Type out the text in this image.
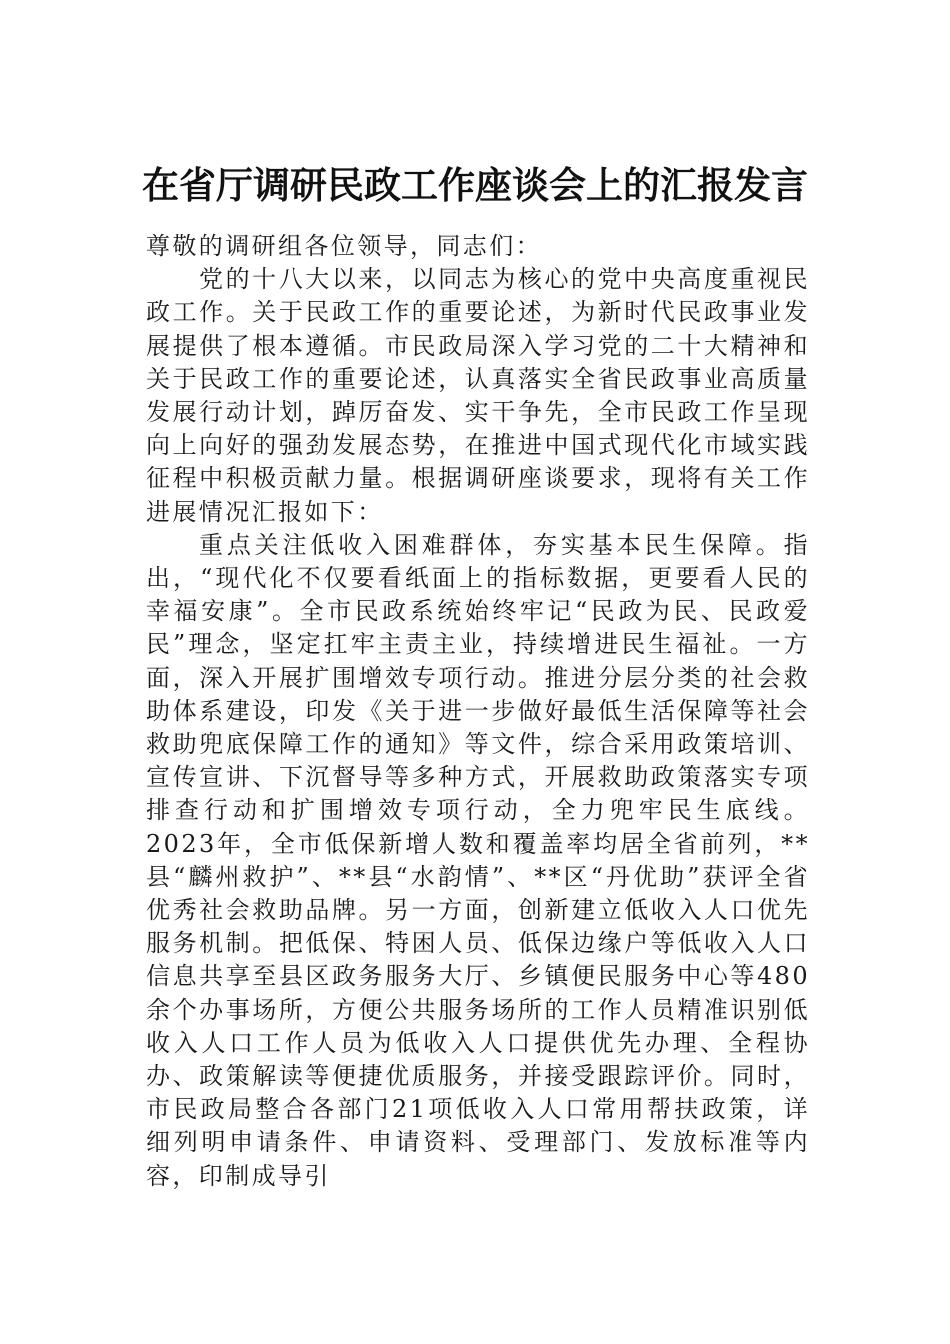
在省厅调研民政工作座谈会上的汇报发言

尊敬的调研组各位领导，同志们：

党的十八大以来，以同志为核心的党中央高度重视民政工作。关于民政工作的重要论述，为新时代民政事业发展提供了根本遵循。市民政局深入学习党的二十大精神和关于民政工作的重要论述，认真落实全省民政事业高质量发展行动计划，踔厉奋发、实干争先，全市民政工作呈现向上向好的强劲发展态势，在推进中国式现代化市域实践征程中积极贡献力量。根据调研座谈要求，现将有关工作进展情况汇报如下：

重点关注低收入困难群体，夯实基本民生保障。指出，“现代化不仅要看纸面上的指标数据，更要看人民的幸福安康”。全市民政系统始终牢记“民政为民、民政爱民”理念，坚定扛牢主责主业，持续增进民生福祉。一方面，深入开展扩围增效专项行动。推进分层分类的社会救助体系建设，印发《关于进一步做好最低生活保障等社会救助兜底保障工作的通知》等文件，综合采用政策培训、宣传宣讲、下沉督导等多种方式，开展救助政策落实专项排查行动和扩围增效专项行动，全力兜牢民生底线。2023年，全市低保新增人数和覆盖率均居全省前列，**县“麟州救护”、**县“水韵情”、**区“丹优助”获评全省优秀社会救助品牌。另一方面，创新建立低收入人口优先服务机制。把低保、特困人员、低保边缘户等低收入人口信息共享至县区政务服务大厅、乡镇便民服务中心等480余个办事场所，方便公共服务场所的工作人员精准识别低收入人口工作人员为低收入人口提供优先办理、全程协办、政策解读等便捷优质服务，并接受跟踪评价。同时，市民政局整合各部门21项低收入人口常用帮扶政策，详细列明申请条件、申请资料、受理部门、发放标准等内容，印制成导引
